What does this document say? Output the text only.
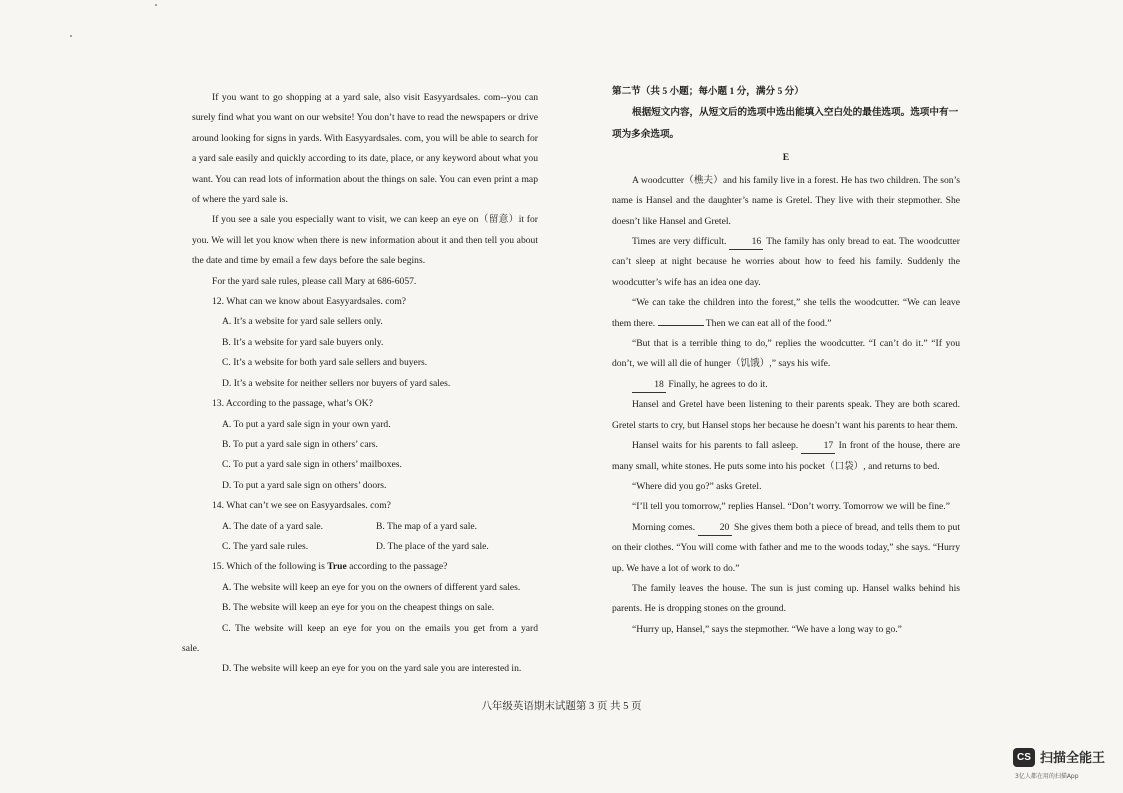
If you want to go shopping at a yard sale, also visit Easyyardsales. com--you can surely find what you want on our website! You don’t have to read the newspapers or drive around looking for signs in yards. With Easyyardsales. com, you will be able to search for a yard sale easily and quickly according to its date, place, or any keyword about what you want. You can read lots of information about the things on sale. You can even print a map of where the yard sale is.

If you see a sale you especially want to visit, we can keep an eye on（留意）it for you. We will let you know when there is new information about it and then tell you about the date and time by email a few days before the sale begins.

For the yard sale rules, please call Mary at 686-6057.

12. What can we know about Easyyardsales. com?

A. It’s a website for yard sale sellers only.

B. It’s a website for yard sale buyers only.

C. It’s a website for both yard sale sellers and buyers.

D. It’s a website for neither sellers nor buyers of yard sales.

13. According to the passage, what’s OK?

A. To put a yard sale sign in your own yard.

B. To put a yard sale sign in others’ cars.

C. To put a yard sale sign in others’ mailboxes.

D. To put a yard sale sign on others’ doors.

14. What can’t we see on Easyyardsales. com?

A. The date of a yard sale.	B. The map of a yard sale.
C. The yard sale rules.	D. The place of the yard sale.

15. Which of the following is True according to the passage?

A. The website will keep an eye for you on the owners of different yard sales.

B. The website will keep an eye for you on the cheapest things on sale.

C. The website will keep an eye for you on the emails you get from a yard

sale.

D. The website will keep an eye for you on the yard sale you are interested in.

第二节（共 5 小题；每小题 1 分，满分 5 分）

根据短文内容，从短文后的选项中选出能填入空白处的最佳选项。选项中有一项为多余选项。

E

A woodcutter（樵夫）and his family live in a forest. He has two children. The son’s name is Hansel and the daughter’s name is Gretel. They live with their stepmother. She doesn’t like Hansel and Gretel.

Times are very difficult. 16 The family has only bread to eat. The woodcutter can’t sleep at night because he worries about how to feed his family. Suddenly the woodcutter’s wife has an idea one day.

“We can take the children into the forest,” she tells the woodcutter. “We can leave them there.	Then we can eat all of the food.”

“But that is a terrible thing to do,” replies the woodcutter. “I can’t do it.” “If you don’t, we will all die of hunger（饥饿）,” says his wife.

18 Finally, he agrees to do it.

Hansel and Gretel have been listening to their parents speak. They are both scared. Gretel starts to cry, but Hansel stops her because he doesn’t want his parents to hear them.

Hansel waits for his parents to fall asleep. 17 In front of the house, there are many small, white stones. He puts some into his pocket（口袋）, and returns to bed.

“Where did you go?” asks Gretel.

“I’ll tell you tomorrow,” replies Hansel. “Don’t worry. Tomorrow we will be fine.”

Morning comes. 20 She gives them both a piece of bread, and tells them to put on their clothes. “You will come with father and me to the woods today,” she says. “Hurry up. We have a lot of work to do.”

The family leaves the house. The sun is just coming up. Hansel walks behind his parents. He is dropping stones on the ground.

“Hurry up, Hansel,” says the stepmother. “We have a long way to go.”

八年级英语期末试题第 3 页 共 5 页
CS 扫描全能王
3亿人都在用的扫描App
